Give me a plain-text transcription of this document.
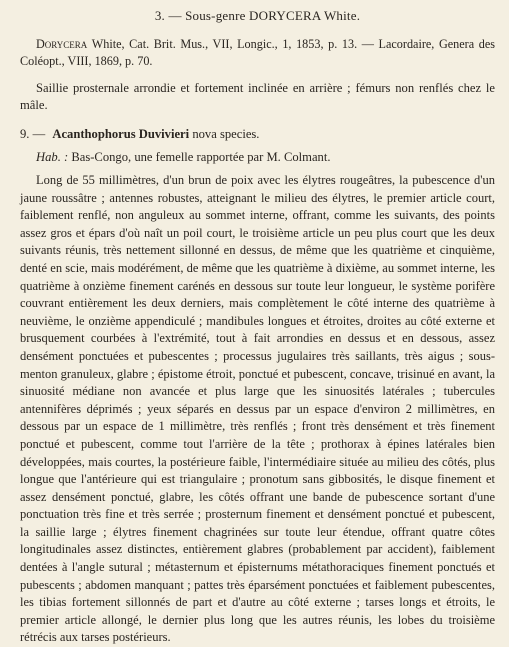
3. — Sous-genre DORYCERA White.

Dorycera White, Cat. Brit. Mus., VII, Longic., 1, 1853, p. 13. — Lacordaire, Genera des Coléopt., VIII, 1869, p. 70.

Saillie prosternale arrondie et fortement inclinée en arrière ; fémurs non renflés chez le mâle.

9. — Acanthophorus Duvivieri nova species.

Hab. : Bas-Congo, une femelle rapportée par M. Colmant.

Long de 55 millimètres, d'un brun de poix avec les élytres rougeâtres, la pubescence d'un jaune roussâtre ; antennes robustes, atteignant le milieu des élytres, le premier article court, faiblement renflé, non anguleux au sommet interne, offrant, comme les suivants, des points assez gros et épars d'où naît un poil court, le troisième article un peu plus court que les deux suivants réunis, très nettement sillonné en dessus, de même que les quatrième et cinquième, denté en scie, mais modérément, de même que les quatrième à dixième, au sommet interne, les quatrième à onzième finement carénés en dessous sur toute leur longueur, le système porifère couvrant entièrement les deux derniers, mais complètement le côté interne des quatrième à neuvième, le onzième appendiculé ; mandibules longues et étroites, droites au côté externe et brusquement courbées à l'extrémité, tout à fait arrondies en dessus et en dessous, assez densément ponctuées et pubescentes ; processus jugulaires très saillants, très aigus ; sous-menton granuleux, glabre ; épistome étroit, ponctué et pubescent, concave, trisinué en avant, la sinuosité médiane non avancée et plus large que les sinuosités latérales ; tubercules antennifères déprimés ; yeux séparés en dessus par un espace d'environ 2 millimètres, en dessous par un espace de 1 millimètre, très renflés ; front très densément et très finement ponctué et pubescent, comme tout l'arrière de la tête ; prothorax à épines latérales bien développées, mais courtes, la postérieure faible, l'intermédiaire située au milieu des côtés, plus longue que l'antérieure qui est triangulaire ; pronotum sans gibbosités, le disque finement et assez densément ponctué, glabre, les côtés offrant une bande de pubescence sortant d'une ponctuation très fine et très serrée ; prosternum finement et densément ponctué et pubescent, la saillie large ; élytres finement chagrinées sur toute leur étendue, offrant quatre côtes longitudinales assez distinctes, entièrement glabres (probablement par accident), faiblement dentées à l'angle sutural ; métasternum et épisternums métathoraciques finement ponctués et pubescents ; abdomen manquant ; pattes très éparsément ponctuées et faiblement pubescentes, les tibias fortement sillonnés de part et d'autre au côté externe ; tarses longs et étroits, le premier article allongé, le dernier plus long que les autres réunis, les lobes du troisième rétrécis aux tarses postérieurs.
